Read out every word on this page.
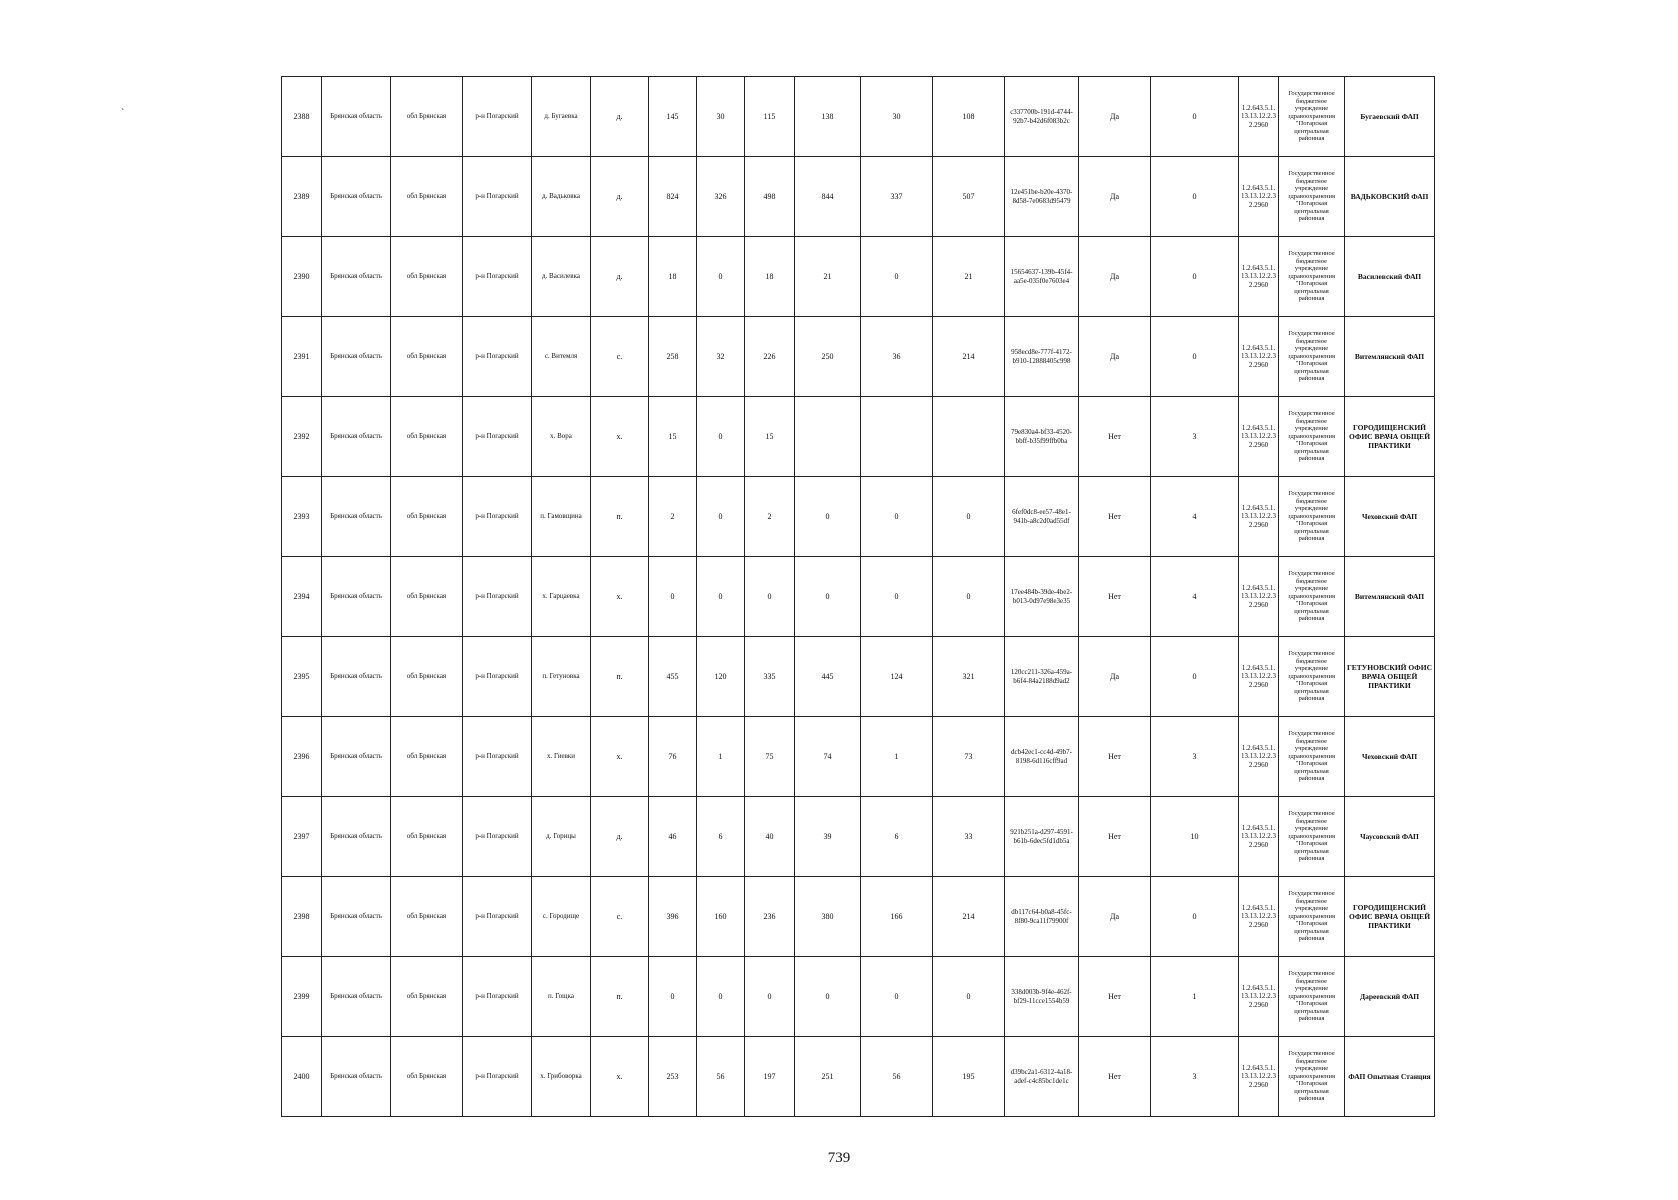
`	2388	Брянская область	обл Брянская	р-н Погарский	д. Бугаевка	д.	145	30	115	138	30	108	c337700b-191d-4744-92b7-b42d6f083b2c	Да	0	1.2.643.5.1.13.13.12.2.32.2960	Государственное бюджетное учреждение здравоохранения "Погарская центральная районная	Бугаевский ФАП
2389	Брянская область	обл Брянская	р-н Погарский	д. Вадьковка	д.	824	326	498	844	337	507	12e451be-b20e-4370-8d58-7e0683d95479	Да	0	1.2.643.5.1.13.13.12.2.32.2960	Государственное бюджетное учреждение здравоохранения "Погарская центральная районная	ВАДЬКОВСКИЙ ФАП
2390	Брянская область	обл Брянская	р-н Погарский	д. Василевка	д.	18	0	18	21	0	21	15654637-139b-45f4-aa5e-035f0e7603e4	Да	0	1.2.643.5.1.13.13.12.2.32.2960	Государственное бюджетное учреждение здравоохранения "Погарская центральная районная	Василевский ФАП
2391	Брянская область	обл Брянская	р-н Погарский	с. Витемля	с.	258	32	226	250	36	214	958ecd8e-777f-4172-b910-12888405c998	Да	0	1.2.643.5.1.13.13.12.2.32.2960	Государственное бюджетное учреждение здравоохранения "Погарская центральная районная	Витемлянский ФАП
2392	Брянская область	обл Брянская	р-н Погарский	х. Вора	х.	15	0	15				79e830a4-bf33-4520-bbff-b35f99ffb0ba	Нет	3	1.2.643.5.1.13.13.12.2.32.2960	Государственное бюджетное учреждение здравоохранения "Погарская центральная районная	ГОРОДИЩЕНСКИЙ ОФИС ВРАЧА ОБЩЕЙ ПРАКТИКИ
2393	Брянская область	обл Брянская	р-н Погарский	п. Гамовщина	п.	2	0	2	0	0	0	6fef0dc8-ee57-48e1-941b-a8c2d0ad55df	Нет	4	1.2.643.5.1.13.13.12.2.32.2960	Государственное бюджетное учреждение здравоохранения "Погарская центральная районная	Чеховский ФАП
2394	Брянская область	обл Брянская	р-н Погарский	х. Гарцаевка	х.	0	0	0	0	0	0	17ee484b-39de-4be2-b013-0d97e98e3e35	Нет	4	1.2.643.5.1.13.13.12.2.32.2960	Государственное бюджетное учреждение здравоохранения "Погарская центральная районная	Витемлянский ФАП
2395	Брянская область	обл Брянская	р-н Погарский	п. Гетуновка	п.	455	120	335	445	124	321	120cc211-326a-459a-b6f4-84a2188d9ad2	Да	0	1.2.643.5.1.13.13.12.2.32.2960	Государственное бюджетное учреждение здравоохранения "Погарская центральная районная	ГЕТУНОВСКИЙ ОФИС ВРАЧА ОБЩЕЙ ПРАКТИКИ
2396	Брянская область	обл Брянская	р-н Погарский	х. Гиевки	х.	76	1	75	74	1	73	dcb42ec1-cc4d-49b7-8198-6d116cff9ad	Нет	3	1.2.643.5.1.13.13.12.2.32.2960	Государственное бюджетное учреждение здравоохранения "Погарская центральная районная	Чеховский ФАП
2397	Брянская область	обл Брянская	р-н Погарский	д. Горицы	д.	46	6	40	39	6	33	921b251a-d297-4591-b61b-6dec5fd1db5a	Нет	10	1.2.643.5.1.13.13.12.2.32.2960	Государственное бюджетное учреждение здравоохранения "Погарская центральная районная	Чаусовский ФАП
2398	Брянская область	обл Брянская	р-н Погарский	с. Городище	с.	396	160	236	380	166	214	db117c64-b0a8-45fc-8f80-9ca11f79900f	Да	0	1.2.643.5.1.13.13.12.2.32.2960	Государственное бюджетное учреждение здравоохранения "Погарская центральная районная	ГОРОДИЩЕНСКИЙ ОФИС ВРАЧА ОБЩЕЙ ПРАКТИКИ
2399	Брянская область	обл Брянская	р-н Погарский	п. Гощка	п.	0	0	0	0	0	0	338d003b-9f4e-462f-bf29-11cce1554b59	Нет	1	1.2.643.5.1.13.13.12.2.32.2960	Государственное бюджетное учреждение здравоохранения "Погарская центральная районная	Дареевский ФАП
2400	Брянская область	обл Брянская	р-н Погарский	х. Грибоворка	х.	253	56	197	251	56	195	d39bc2a1-6312-4a18-adef-c4c85bc1de1c	Нет	3	1.2.643.5.1.13.13.12.2.32.2960	Государственное бюджетное учреждение здравоохранения "Погарская центральная районная	ФАП Опытная Станция
739
